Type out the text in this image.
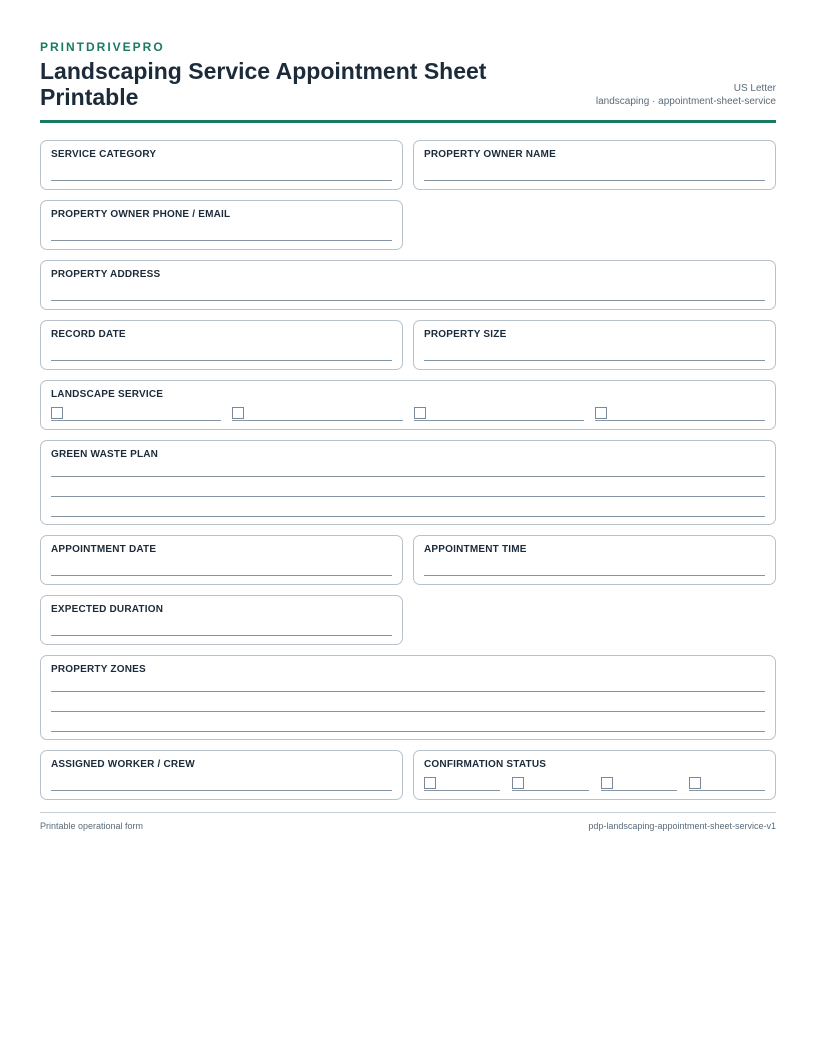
PRINTDRIVEPRO
Landscaping Service Appointment Sheet Printable	US Letter
landscaping · appointment-sheet-service
SERVICE CATEGORY	PROPERTY OWNER NAME
PROPERTY OWNER PHONE / EMAIL
PROPERTY ADDRESS
RECORD DATE	PROPERTY SIZE
LANDSCAPE SERVICE
GREEN WASTE PLAN
APPOINTMENT DATE	APPOINTMENT TIME
EXPECTED DURATION
PROPERTY ZONES
ASSIGNED WORKER / CREW	CONFIRMATION STATUS
Printable operational form	pdp-landscaping-appointment-sheet-service-v1
